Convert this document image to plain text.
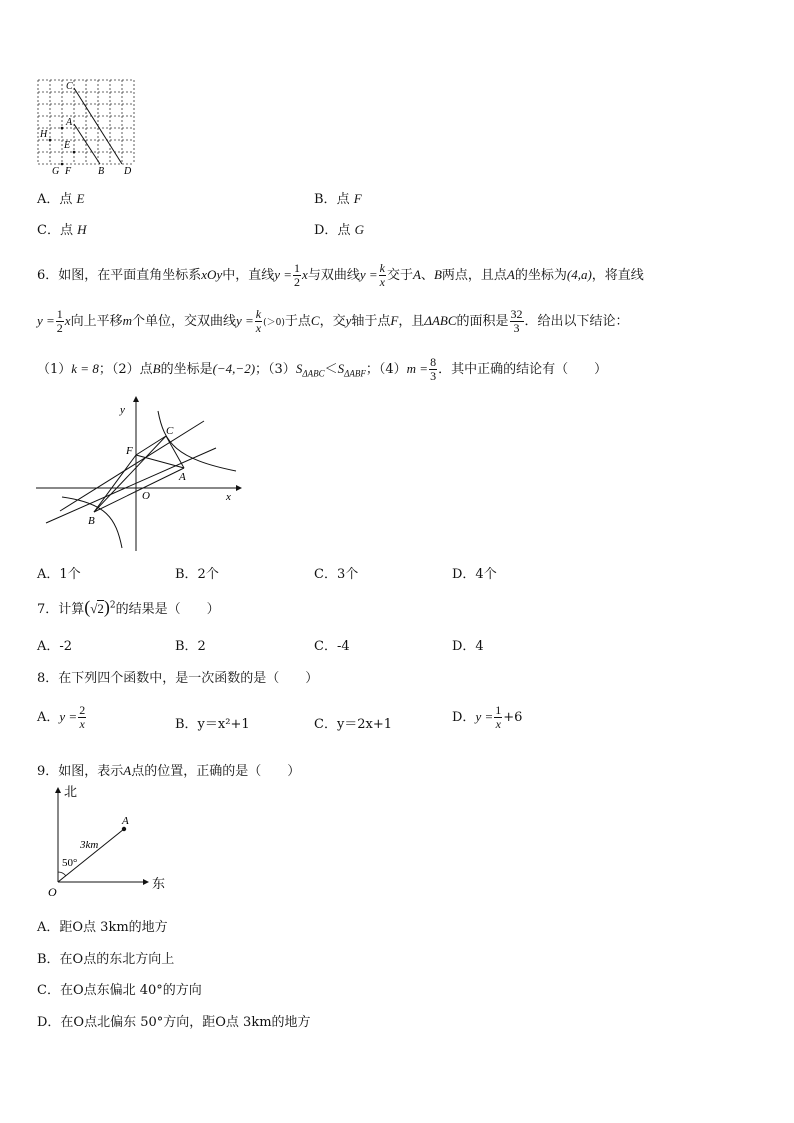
C
A
H
E
G F	B D
A．点 E	B．点 F
C．点 H	D．点 G
6．如图，在平面直角坐标系xOy中，直线$y = \frac{1}{2}$ x与双曲线$y = \frac{k}{x}$ 交于A、B两点，且点A的坐标为(4,a)，将直线
$y = \frac{1}{2}$ x向上平移m个单位，交双曲线$y = \frac{k}{x} (>0)$于点C，交y轴于点F，且ΔABC的面积是 $\frac{32}{3}$ ．给出以下结论：
（1）k = 8；（2）点B的坐标是(−4,−2)；$(3)S_{\Delta ABC}<S_{\Delta ABF}$；$(4)m = \frac{8}{3}$ ．其中正确的结论有（　　）
y
F
C
A
O	x
B
A．1个	B．2个	C．3个	D．4个
7．计算$(√2)^2$的结果是（　　）
A．-2	B．2	C．-4	D．4
8．在下列四个函数中，是一次函数的是（　　）
A．$y = \frac{2}{x}$	B．y＝x²+1	C．y＝2x+1	D．$y = \frac{1}{x} +6$
9．如图，表示A点的位置，正确的是（　　）
北
东
O
A
3km
50°
A．距O点 3km的地方
B．在O点的东北方向上
C．在O点东偏北 40°的方向
D．在O点北偏东 50°方向，距O点 3km的地方
